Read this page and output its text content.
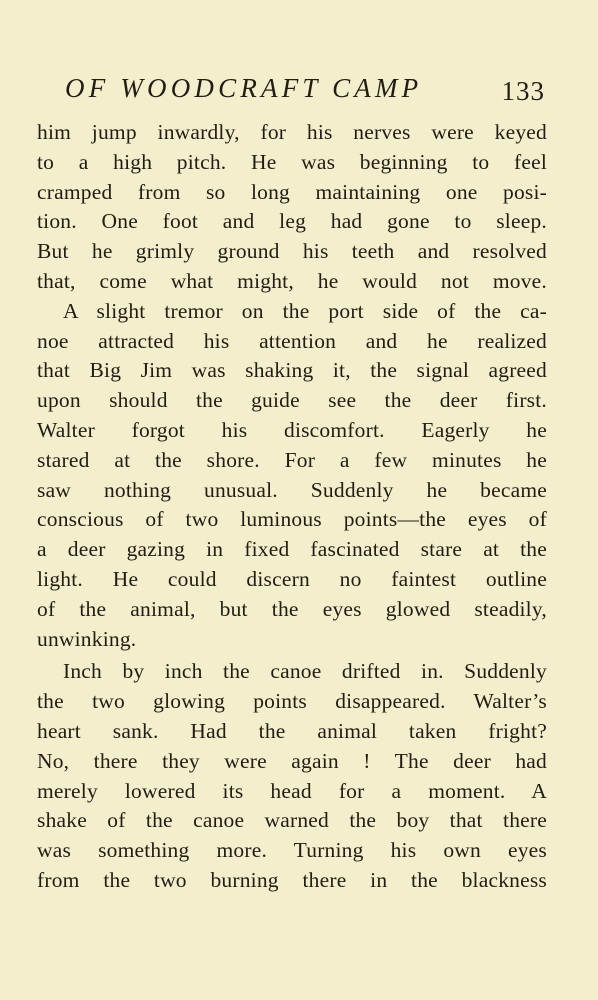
OF WOODCRAFT CAMP	133
him jump inwardly, for his nerves were keyed
to a high pitch. He was beginning to feel
cramped from so long maintaining one posi-
tion. One foot and leg had gone to sleep.
But he grimly ground his teeth and resolved
that, come what might, he would not move.
A slight tremor on the port side of the ca-
noe attracted his attention and he realized
that Big Jim was shaking it, the signal agreed
upon should the guide see the deer first.
Walter forgot his discomfort. Eagerly he
stared at the shore. For a few minutes he
saw nothing unusual. Suddenly he became
conscious of two luminous points—the eyes of
a deer gazing in fixed fascinated stare at the
light. He could discern no faintest outline
of the animal, but the eyes glowed steadily,
unwinking.
Inch by inch the canoe drifted in. Suddenly
the two glowing points disappeared. Walter’s
heart sank. Had the animal taken fright?
No, there they were again ! The deer had
merely lowered its head for a moment. A
shake of the canoe warned the boy that there
was something more. Turning his own eyes
from the two burning there in the blackness
